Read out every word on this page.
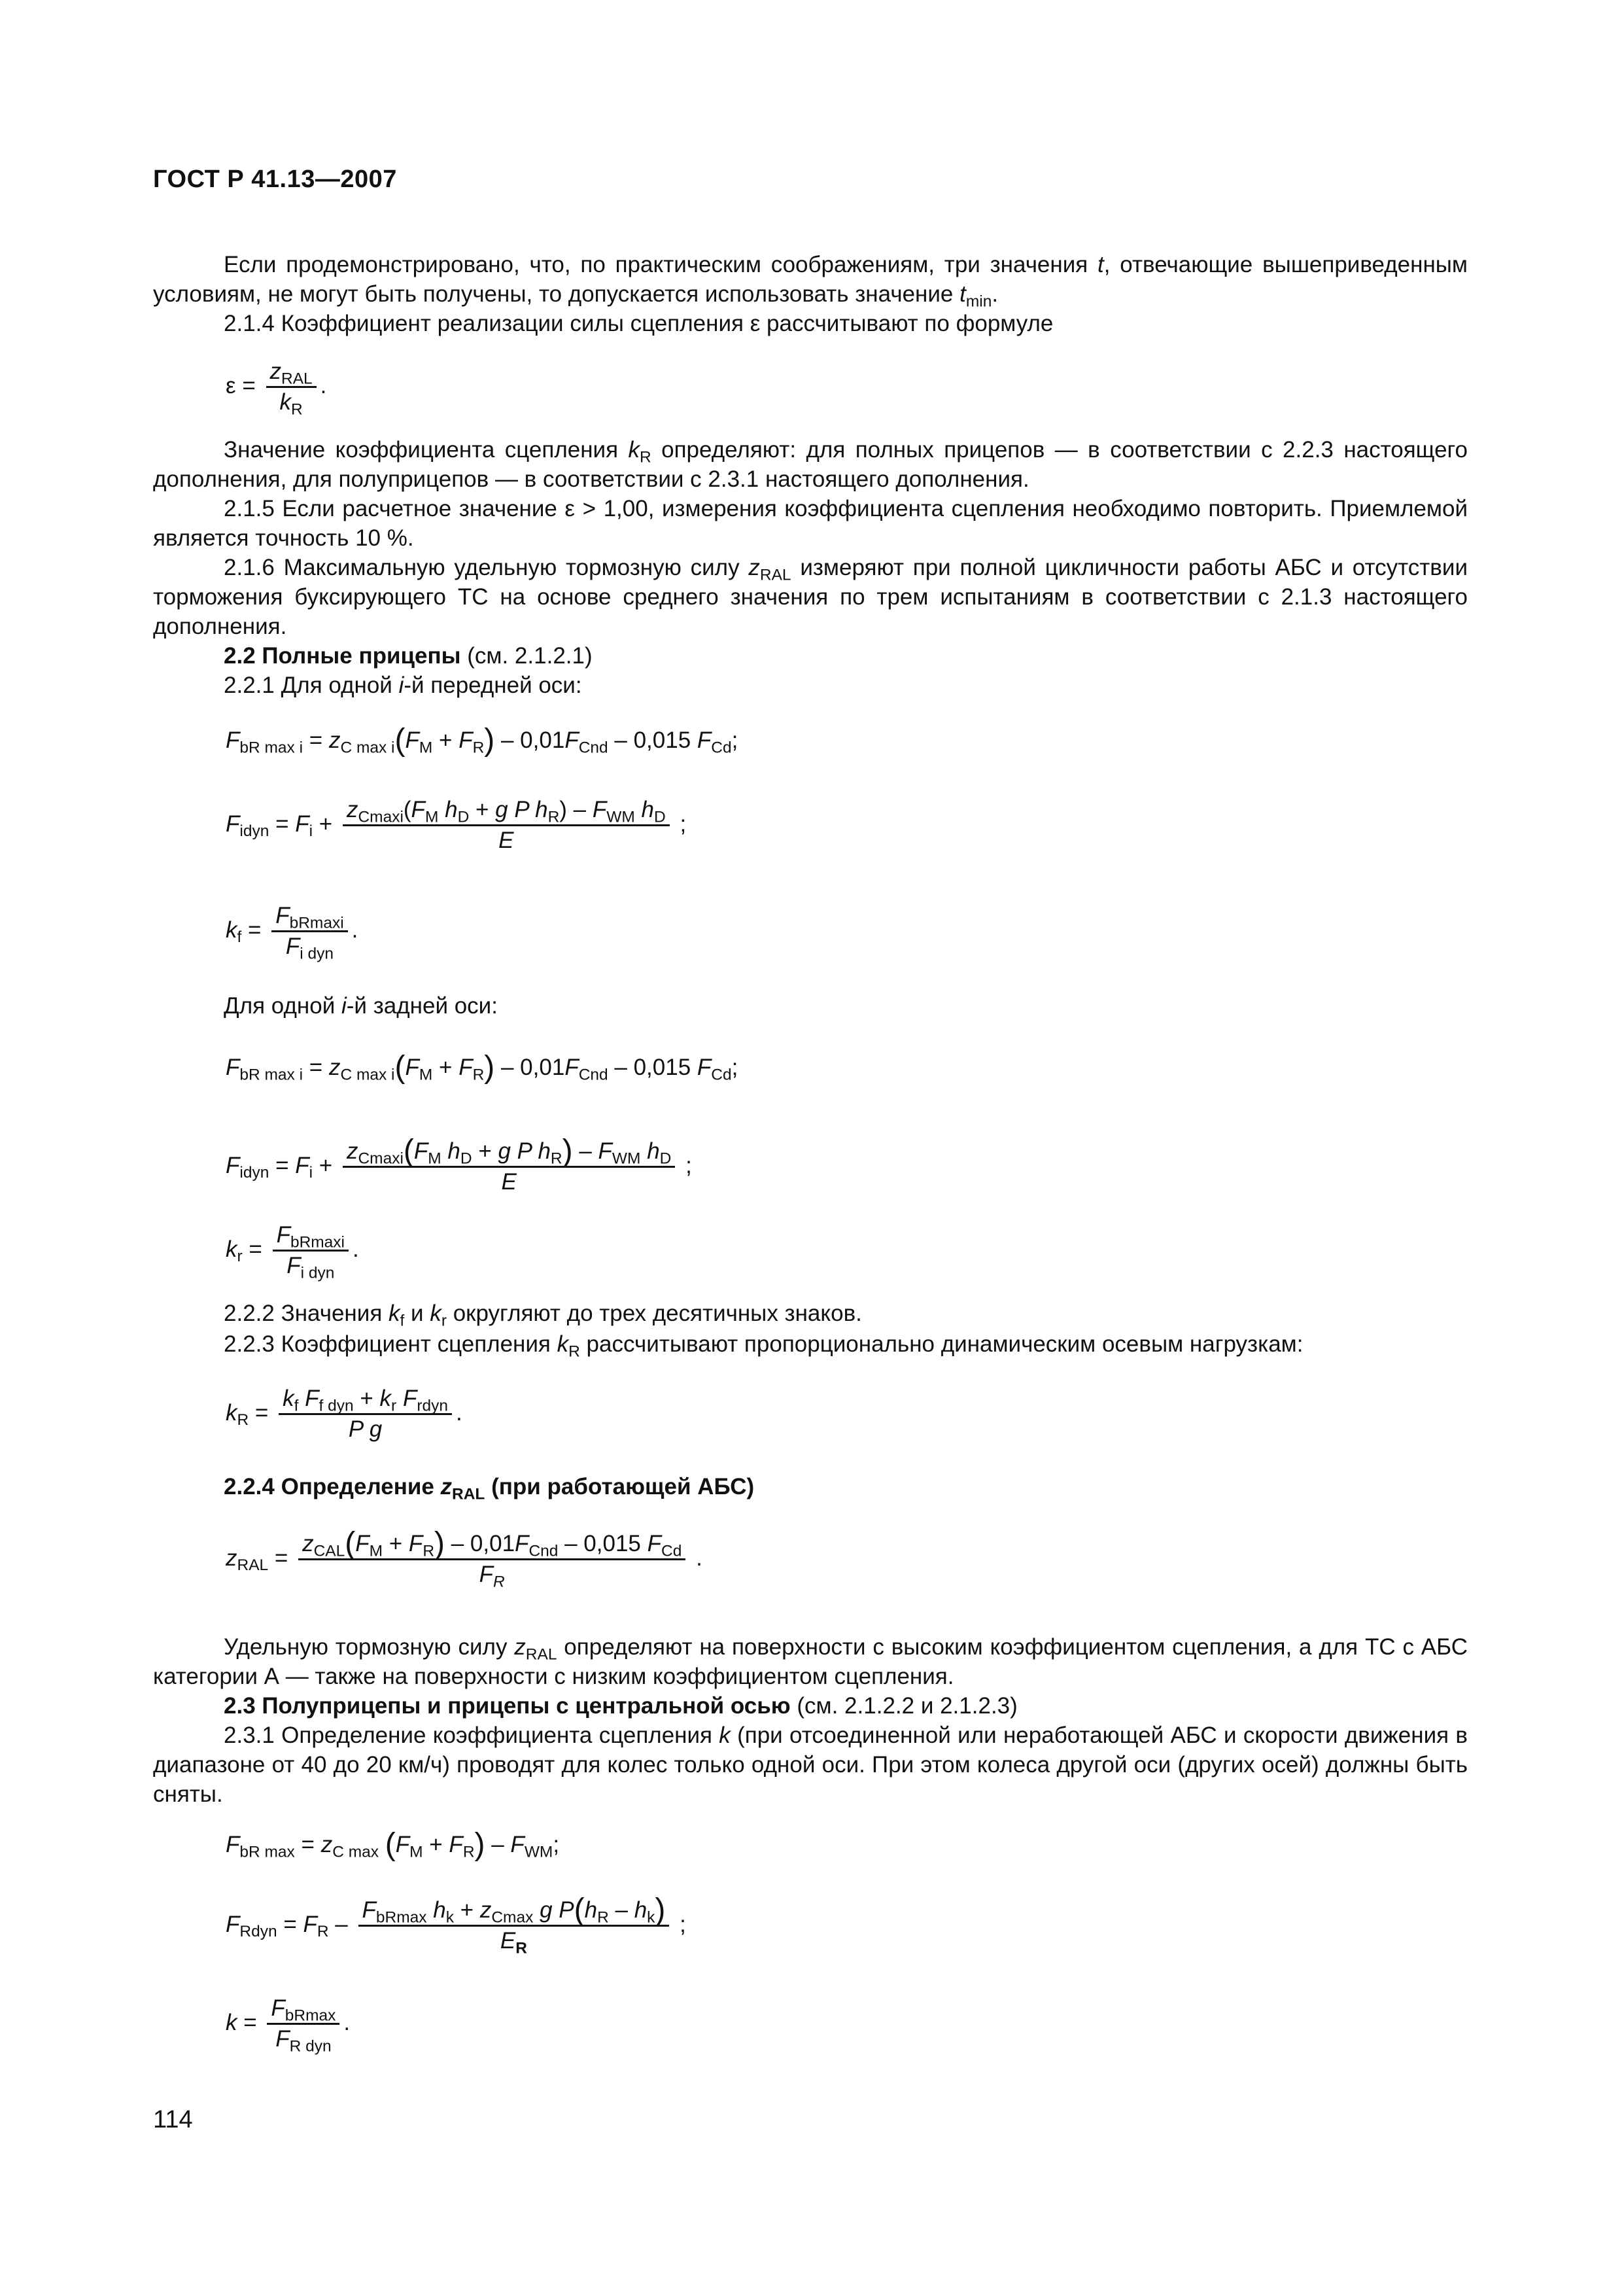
ГОСТ Р 41.13—2007
Если продемонстрировано, что, по практическим соображениям, три значения t, отвечающие вышеприведенным условиям, не могут быть получены, то допускается использовать значение $t_{min}$.
2.1.4 Коэффициент реализации силы сцепления ε рассчитывают по формуле
$\varepsilon = \frac{z_{RAL}}{k_R}$ .
Значение коэффициента сцепления $k_R$ определяют: для полных прицепов — в соответствии с 2.2.3 настоящего дополнения, для полуприцепов — в соответствии с 2.3.1 настоящего дополнения.
2.1.5 Если расчетное значение ε > 1,00, измерения коэффициента сцепления необходимо повторить. Приемлемой является точность 10 %.
2.1.6 Максимальную удельную тормозную силу $z_{RAL}$ измеряют при полной цикличности работы АБС и отсутствии торможения буксирующего ТС на основе среднего значения по трем испытаниям в соответствии с 2.1.3 настоящего дополнения.
2.2 Полные прицепы (см. 2.1.2.1)
2.2.1 Для одной i-й передней оси:
$F_{bR max i} = z_{C max i}(F_M + F_R) - 0,01F_{Cnd} - 0,015$ $F_{Cd}$;
$F_{idyn} = F_i + \frac{z_{Cmaxi}(F_M h_D + g P h_R) - F_{WM} h_D}{E}$ ;
$k_f = \frac{F_{bRmaxi}}{F_{i dyn}}$ .
Для одной i-й задней оси:
$F_{bR max i} = z_{C max i}(F_M + F_R) - 0,01F_{Cnd} - 0,015$ $F_{Cd}$;
$F_{idyn} = F_i + \frac{z_{Cmaxi}(F_M h_D + g P h_R) - F_{WM} h_D}{E}$ ;
$k_r = \frac{F_{bRmaxi}}{F_{i dyn}}$ .
2.2.2 Значения $k_f$ и $k_r$ округляют до трех десятичных знаков.
2.2.3 Коэффициент сцепления $k_R$ рассчитывают пропорционально динамическим осевым нагрузкам:
$k_R = \frac{k_f F_{f dyn} + k_r F_{rdyn}}{\text{P g}}$ .
2.2.4 Определение $z_{RAL}$ (при работающей АБС)
$z_{RAL} = \frac{z_{CAL}(F_M + F_R) - 0,01F_{Cnd} - 0,015 F_{Cd}}{F_R}$ .
Удельную тормозную силу $z_{RAL}$ определяют на поверхности с высоким коэффициентом сцепления, а для ТС с АБС категории А — также на поверхности с низким коэффициентом сцепления.
2.3 Полуприцепы и прицепы с центральной осью (см. 2.1.2.2 и 2.1.2.3)
2.3.1 Определение коэффициента сцепления k (при отсоединенной или неработающей АБС и скорости движения в диапазоне от 40 до 20 км/ч) проводят для колес только одной оси. При этом колеса другой оси (других осей) должны быть сняты.
$F_{bR max} = z_{C max}$ $(F_M + F_R) - F_{WM}$;
$F_{Rdyn} = F_R - \frac{F_{bRmax} h_k + z_{Cmax} g P(h_R - h_k)}{E_R}$ ;
$k = \frac{F_{bRmax}}{F_{R dyn}}$ .
114
